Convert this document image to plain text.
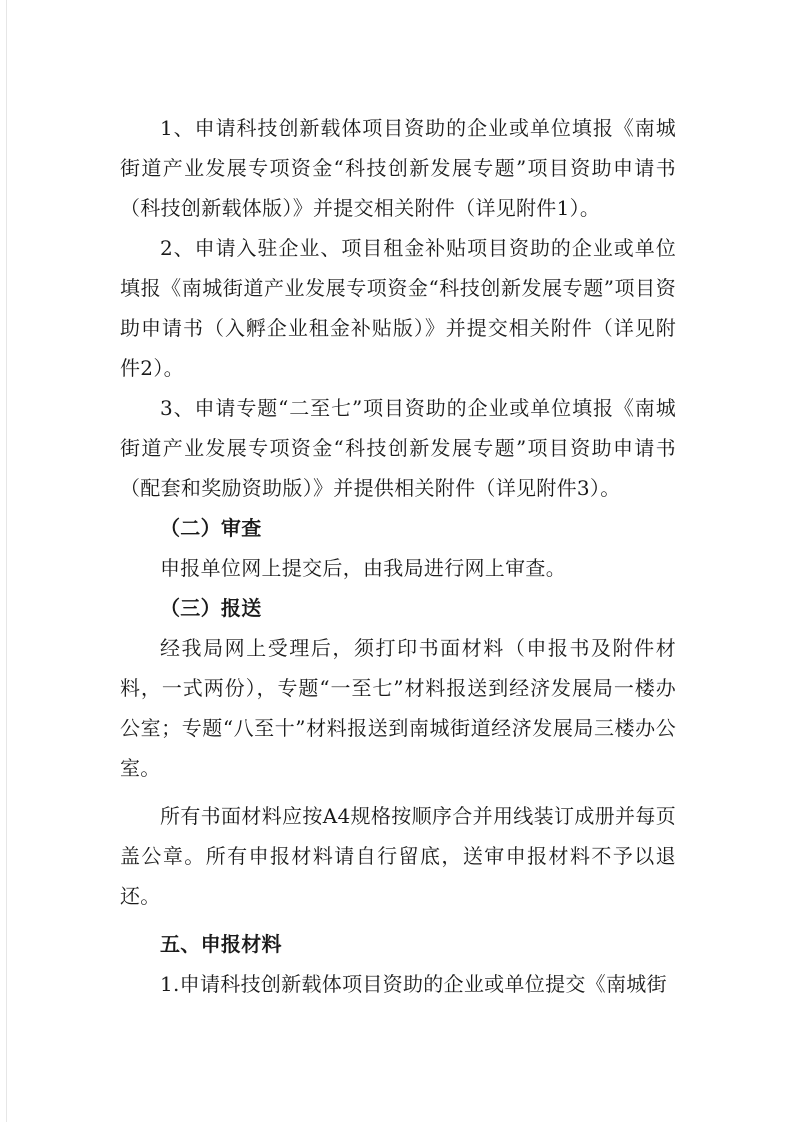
1、申请科技创新载体项目资助的企业或单位填报《南城街道产业发展专项资金“科技创新发展专题”项目资助申请书（科技创新载体版）》并提交相关附件（详见附件1）。

2、申请入驻企业、项目租金补贴项目资助的企业或单位填报《南城街道产业发展专项资金“科技创新发展专题”项目资助申请书（入孵企业租金补贴版）》并提交相关附件（详见附件2）。

3、申请专题“二至七”项目资助的企业或单位填报《南城街道产业发展专项资金“科技创新发展专题”项目资助申请书（配套和奖励资助版）》并提供相关附件（详见附件3）。

（二）审查

申报单位网上提交后，由我局进行网上审查。

（三）报送

经我局网上受理后，须打印书面材料（申报书及附件材料，一式两份），专题“一至七”材料报送到经济发展局一楼办公室；专题“八至十”材料报送到南城街道经济发展局三楼办公室。

所有书面材料应按A4规格按顺序合并用线装订成册并每页盖公章。所有申报材料请自行留底，送审申报材料不予以退还。

五、申报材料

1.申请科技创新载体项目资助的企业或单位提交《南城街
